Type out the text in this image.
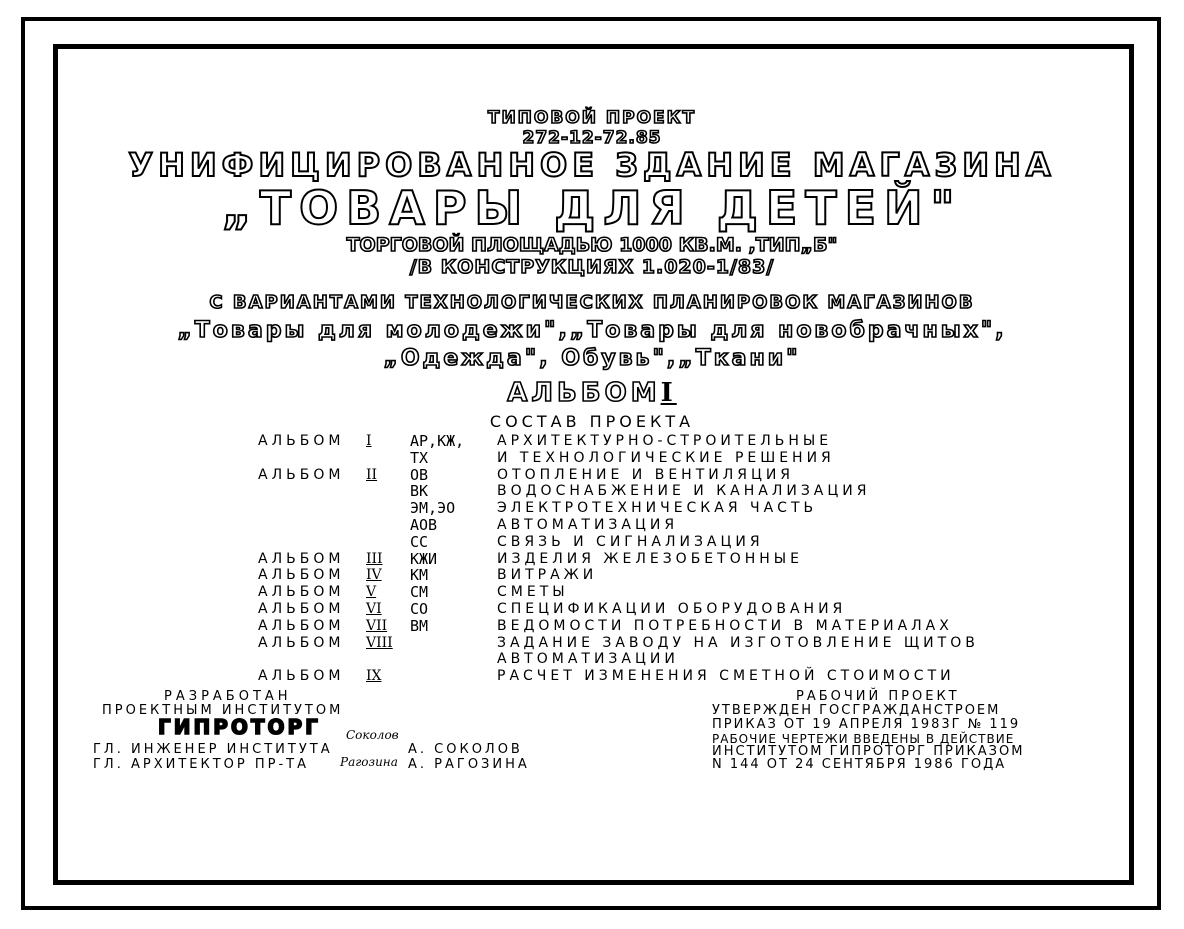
ТИПОВОЙ ПРОЕКТ
272-12-72.85
УНИФИЦИРОВАННОЕ ЗДАНИЕ МАГАЗИНА
„ТОВАРЫ ДЛЯ ДЕТЕЙ"
ТОРГОВОЙ ПЛОЩАДЬЮ 1000 КВ.М. ,ТИП„Б"
/В КОНСТРУКЦИЯХ 1.020-1/83/
С ВАРИАНТАМИ ТЕХНОЛОГИЧЕСКИХ ПЛАНИРОВОК МАГАЗИНОВ
„Товары для молодежи",„Товары для новобрачных",
„Одежда", Обувь",„Ткани"
АЛЬБОМI
СОСТАВ ПРОЕКТА
АЛЬБОМ I	АР,КЖ, АРХИТЕКТУРНО-СТРОИТЕЛЬНЫЕ
ТХ	И ТЕХНОЛОГИЧЕСКИЕ РЕШЕНИЯ
АЛЬБОМ II ОВ	ОТОПЛЕНИЕ И ВЕНТИЛЯЦИЯ
ВК	ВОДОСНАБЖЕНИЕ И КАНАЛИЗАЦИЯ
ЭМ,ЭО	ЭЛЕКТРОТЕХНИЧЕСКАЯ ЧАСТЬ
АОВ	АВТОМАТИЗАЦИЯ
СС	СВЯЗЬ И СИГНАЛИЗАЦИЯ
АЛЬБОМ III КЖИ	ИЗДЕЛИЯ ЖЕЛЕЗОБЕТОННЫЕ
АЛЬБОМ IV КМ	ВИТРАЖИ
АЛЬБОМ V СМ	СМЕТЫ
АЛЬБОМ VI СО	СПЕЦИФИКАЦИИ ОБОРУДОВАНИЯ
АЛЬБОМ VII ВМ	ВЕДОМОСТИ ПОТРЕБНОСТИ В МАТЕРИАЛАХ
АЛЬБОМ VIII	ЗАДАНИЕ ЗАВОДУ НА ИЗГОТОВЛЕНИЕ ЩИТОВ
АВТОМАТИЗАЦИИ
АЛЬБОМ IX	РАСЧЕТ ИЗМЕНЕНИЯ СМЕТНОЙ СТОИМОСТИ
РАЗРАБОТАН
ПРОЕКТНЫМ ИНСТИТУТОМ
ГИПРОТОРГ
ГЛ. ИНЖЕНЕР ИНСТИТУТА
Соколов
А. СОКОЛОВ
ГЛ. АРХИТЕКТОР ПР-ТА	Рагозина А. РАГОЗИНА
РАБОЧИЙ ПРОЕКТ
УТВЕРЖДЕН ГОСГРАЖДАНСТРОЕМ
ПРИКАЗ ОТ 19 АПРЕЛЯ 1983Г № 119
РАБОЧИЕ ЧЕРТЕЖИ ВВЕДЕНЫ В ДЕЙСТВИЕ
ИНСТИТУТОМ ГИПРОТОРГ ПРИКАЗОМ
N 144 ОТ 24 СЕНТЯБРЯ 1986 ГОДА
